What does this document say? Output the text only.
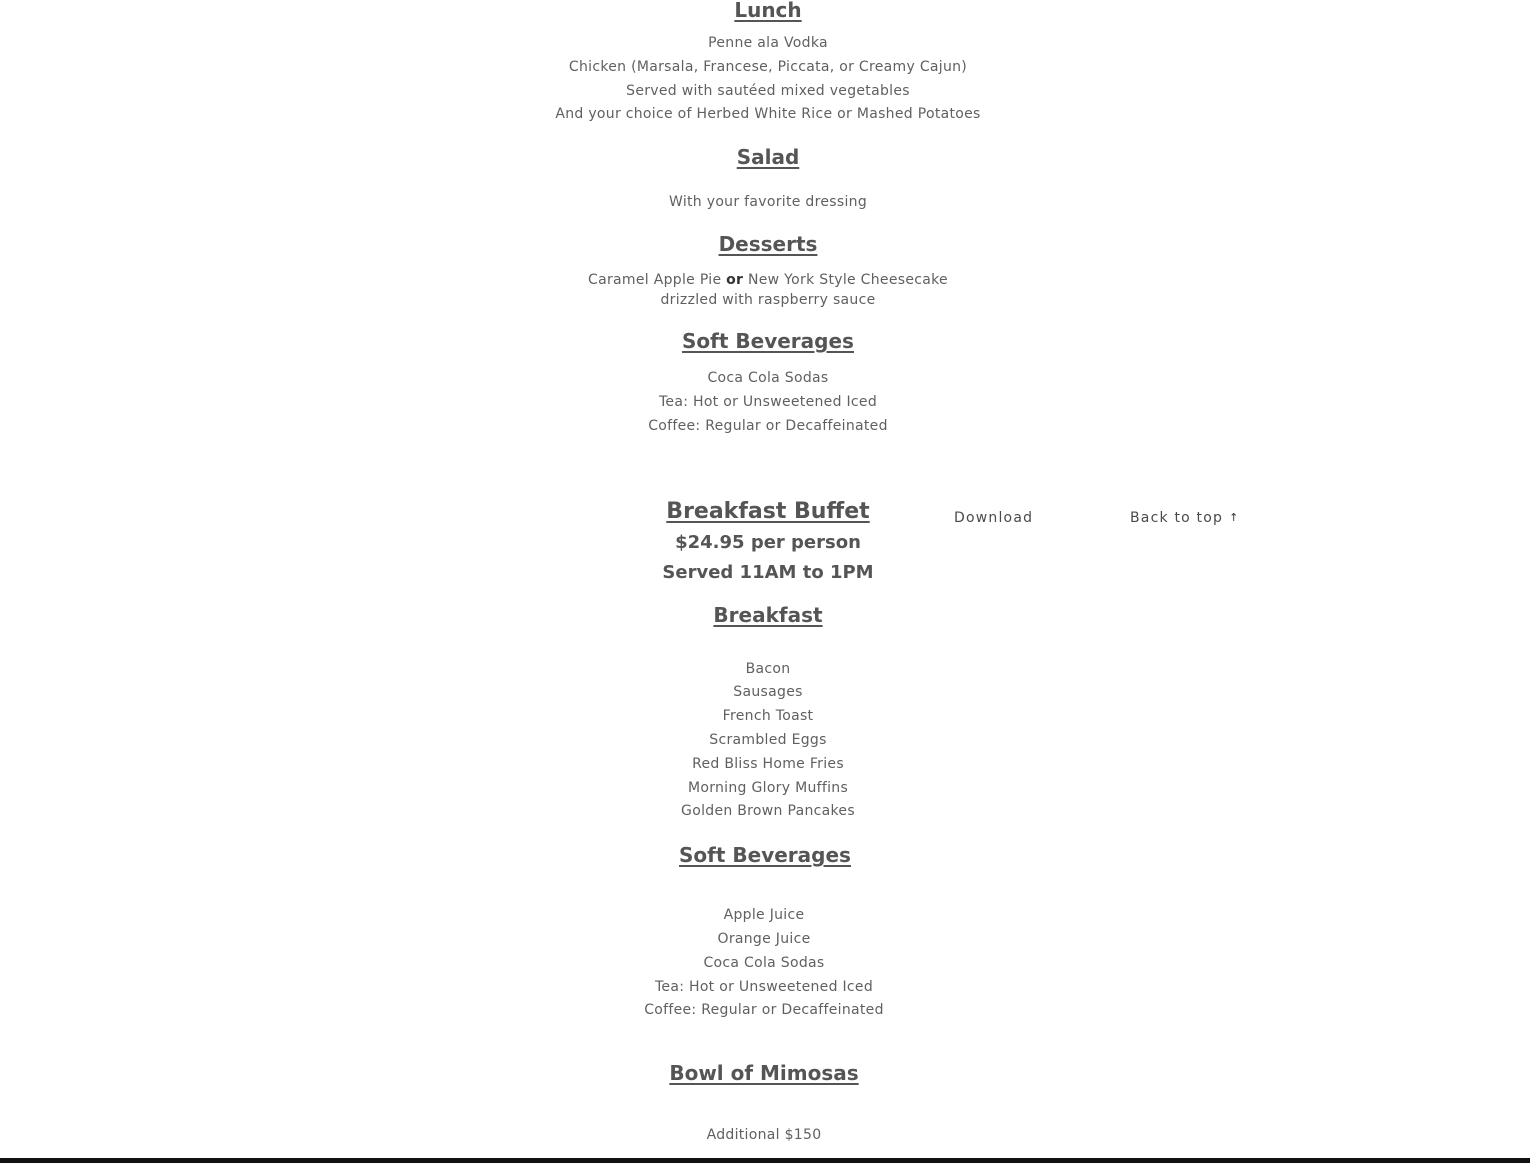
Lunch
Penne ala Vodka
Chicken (Marsala, Francese, Piccata, or Creamy Cajun)
Served with sautéed mixed vegetables
And your choice of Herbed White Rice or Mashed Potatoes
Salad
With your favorite dressing
Desserts
Caramel Apple Pie or New York Style Cheesecake
drizzled with raspberry sauce
Soft Beverages
Coca Cola Sodas
Tea: Hot or Unsweetened Iced
Coffee: Regular or Decaffeinated
Breakfast Buffet
$24.95 per person
Served 11AM to 1PM
Download	Back to top ↑
Breakfast
Bacon
Sausages
French Toast
Scrambled Eggs
Red Bliss Home Fries
Morning Glory Muffins
Golden Brown Pancakes
Soft Beverages
Apple Juice
Orange Juice
Coca Cola Sodas
Tea: Hot or Unsweetened Iced
Coffee: Regular or Decaffeinated
Bowl of Mimosas
Additional $150
